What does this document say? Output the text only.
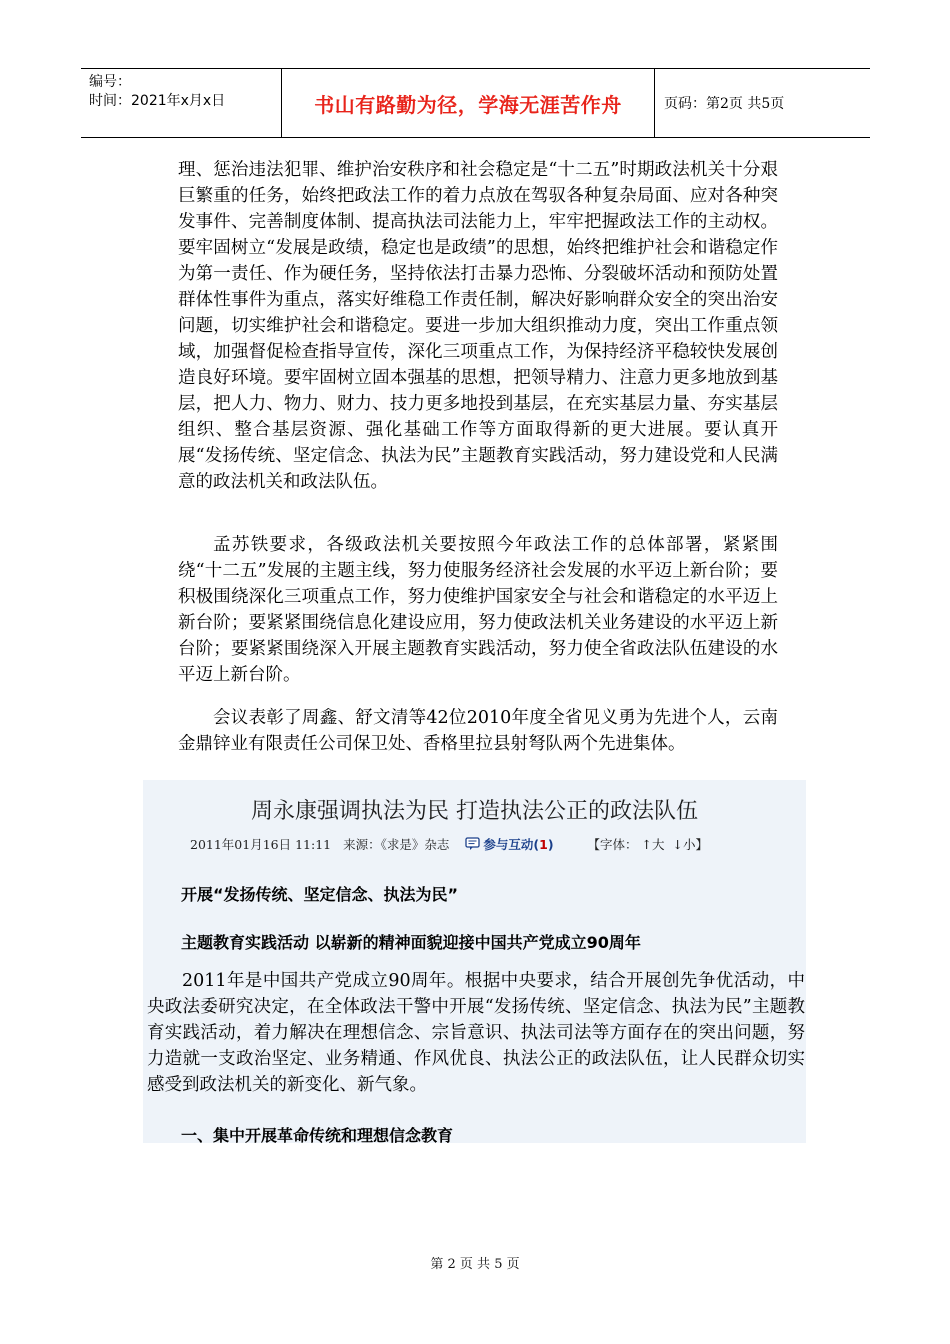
编号：
时间：2021年x月x日	书山有路勤为径，学海无涯苦作舟	页码：第2页 共5页

理、惩治违法犯罪、维护治安秩序和社会稳定是“十二五”时期政法机关十分艰巨繁重的任务，始终把政法工作的着力点放在驾驭各种复杂局面、应对各种突发事件、完善制度体制、提高执法司法能力上，牢牢把握政法工作的主动权。要牢固树立“发展是政绩，稳定也是政绩”的思想，始终把维护社会和谐稳定作为第一责任、作为硬任务，坚持依法打击暴力恐怖、分裂破坏活动和预防处置群体性事件为重点，落实好维稳工作责任制，解决好影响群众安全的突出治安问题，切实维护社会和谐稳定。要进一步加大组织推动力度，突出工作重点领域，加强督促检查指导宣传，深化三项重点工作，为保持经济平稳较快发展创造良好环境。要牢固树立固本强基的思想，把领导精力、注意力更多地放到基层，把人力、物力、财力、技力更多地投到基层，在充实基层力量、夯实基层组织、整合基层资源、强化基础工作等方面取得新的更大进展。要认真开展“发扬传统、坚定信念、执法为民”主题教育实践活动，努力建设党和人民满意的政法机关和政法队伍。

孟苏铁要求，各级政法机关要按照今年政法工作的总体部署，紧紧围绕“十二五”发展的主题主线，努力使服务经济社会发展的水平迈上新台阶；要积极围绕深化三项重点工作，努力使维护国家安全与社会和谐稳定的水平迈上新台阶；要紧紧围绕信息化建设应用，努力使政法机关业务建设的水平迈上新台阶；要紧紧围绕深入开展主题教育实践活动，努力使全省政法队伍建设的水平迈上新台阶。

会议表彰了周鑫、舒文清等42位2010年度全省见义勇为先进个人，云南金鼎锌业有限责任公司保卫处、香格里拉县射弩队两个先进集体。

周永康强调执法为民 打造执法公正的政法队伍
2011年01月16日 11:11 来源：《求是》杂志	参与互动(1)	【字体： ↑大 ↓小 】
开展“发扬传统、坚定信念、执法为民”
主题教育实践活动 以崭新的精神面貌迎接中国共产党成立90周年

2011年是中国共产党成立90周年。根据中央要求，结合开展创先争优活动，中央政法委研究决定，在全体政法干警中开展“发扬传统、坚定信念、执法为民”主题教育实践活动，着力解决在理想信念、宗旨意识、执法司法等方面存在的突出问题，努力造就一支政治坚定、业务精通、作风优良、执法公正的政法队伍，让人民群众切实感受到政法机关的新变化、新气象。

一、集中开展革命传统和理想信念教育
第 2 页 共 5 页
